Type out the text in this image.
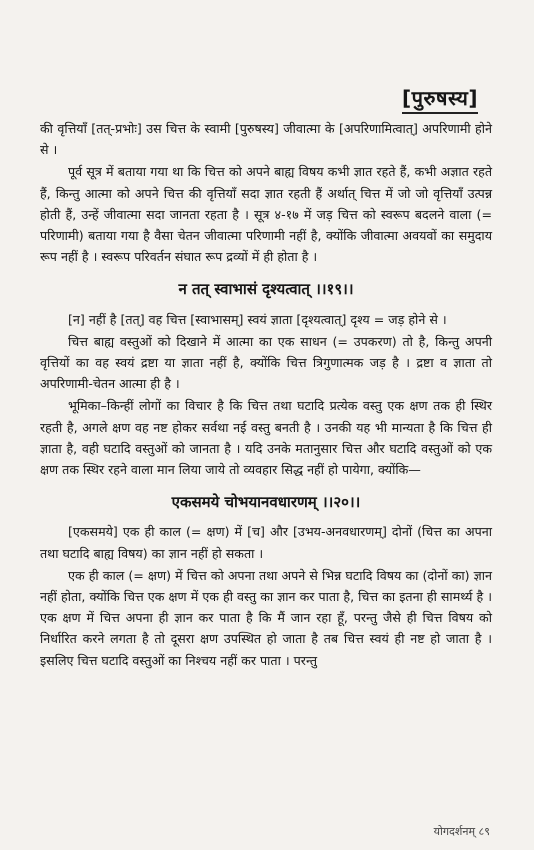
[पुरुषस्य]

की वृत्तियाँ [तत्-प्रभोः] उस चित्त के स्वामी [पुरुषस्य] जीवात्मा के [अपरिणामित्वात्] अपरिणामी होने से ।

पूर्व सूत्र में बताया गया था कि चित्त को अपने बाह्य विषय कभी ज्ञात रहते हैं, कभी अज्ञात रहते हैं, किन्तु आत्मा को अपने चित्त की वृत्तियाँ सदा ज्ञात रहती हैं अर्थात् चित्त में जो जो वृत्तियाँ उत्पन्न होती हैं, उन्हें जीवात्मा सदा जानता रहता है । सूत्र ४-१७ में जड़ चित्त को स्वरूप बदलने वाला (= परिणामी) बताया गया है वैसा चेतन जीवात्मा परिणामी नहीं है, क्योंकि जीवात्मा अवयवों का समुदाय रूप नहीं है । स्वरूप परिवर्तन संघात रूप द्रव्यों में ही होता है ।

न तत् स्वाभासं दृश्यत्वात् ।।१९।।

[न] नहीं है [तत्] वह चित्त [स्वाभासम्] स्वयं ज्ञाता [दृश्यत्वात्] दृश्य = जड़ होने से ।

चित्त बाह्य वस्तुओं को दिखाने में आत्मा का एक साधन (= उपकरण) तो है, किन्तु अपनी वृत्तियों का वह स्वयं द्रष्टा या ज्ञाता नहीं है, क्योंकि चित्त त्रिगुणात्मक जड़ है । द्रष्टा व ज्ञाता तो अपरिणामी-चेतन आत्मा ही है ।

भूमिका–किन्हीं लोगों का विचार है कि चित्त तथा घटादि प्रत्येक वस्तु एक क्षण तक ही स्थिर रहती है, अगले क्षण वह नष्ट होकर सर्वथा नई वस्तु बनती है । उनकी यह भी मान्यता है कि चित्त ही ज्ञाता है, वही घटादि वस्तुओं को जानता है । यदि उनके मतानुसार चित्त और घटादि वस्तुओं को एक क्षण तक स्थिर रहने वाला मान लिया जाये तो व्यवहार सिद्ध नहीं हो पायेगा, क्योंकि—

एकसमये चोभयानवधारणम् ।।२०।।

[एकसमये] एक ही काल (= क्षण) में [च] और [उभय-अनवधारणम्] दोनों (चित्त का अपना तथा घटादि बाह्य विषय) का ज्ञान नहीं हो सकता ।

एक ही काल (= क्षण) में चित्त को अपना तथा अपने से भिन्न घटादि विषय का (दोनों का) ज्ञान नहीं होता, क्योंकि चित्त एक क्षण में एक ही वस्तु का ज्ञान कर पाता है, चित्त का इतना ही सामर्थ्य है । एक क्षण में चित्त अपना ही ज्ञान कर पाता है कि मैं जान रहा हूँ, परन्तु जैसे ही चित्त विषय को निर्धारित करने लगता है तो दूसरा क्षण उपस्थित हो जाता है तब चित्त स्वयं ही नष्ट हो जाता है । इसलिए चित्त घटादि वस्तुओं का निश्चय नहीं कर पाता । परन्तु

योगदर्शनम् ८९
